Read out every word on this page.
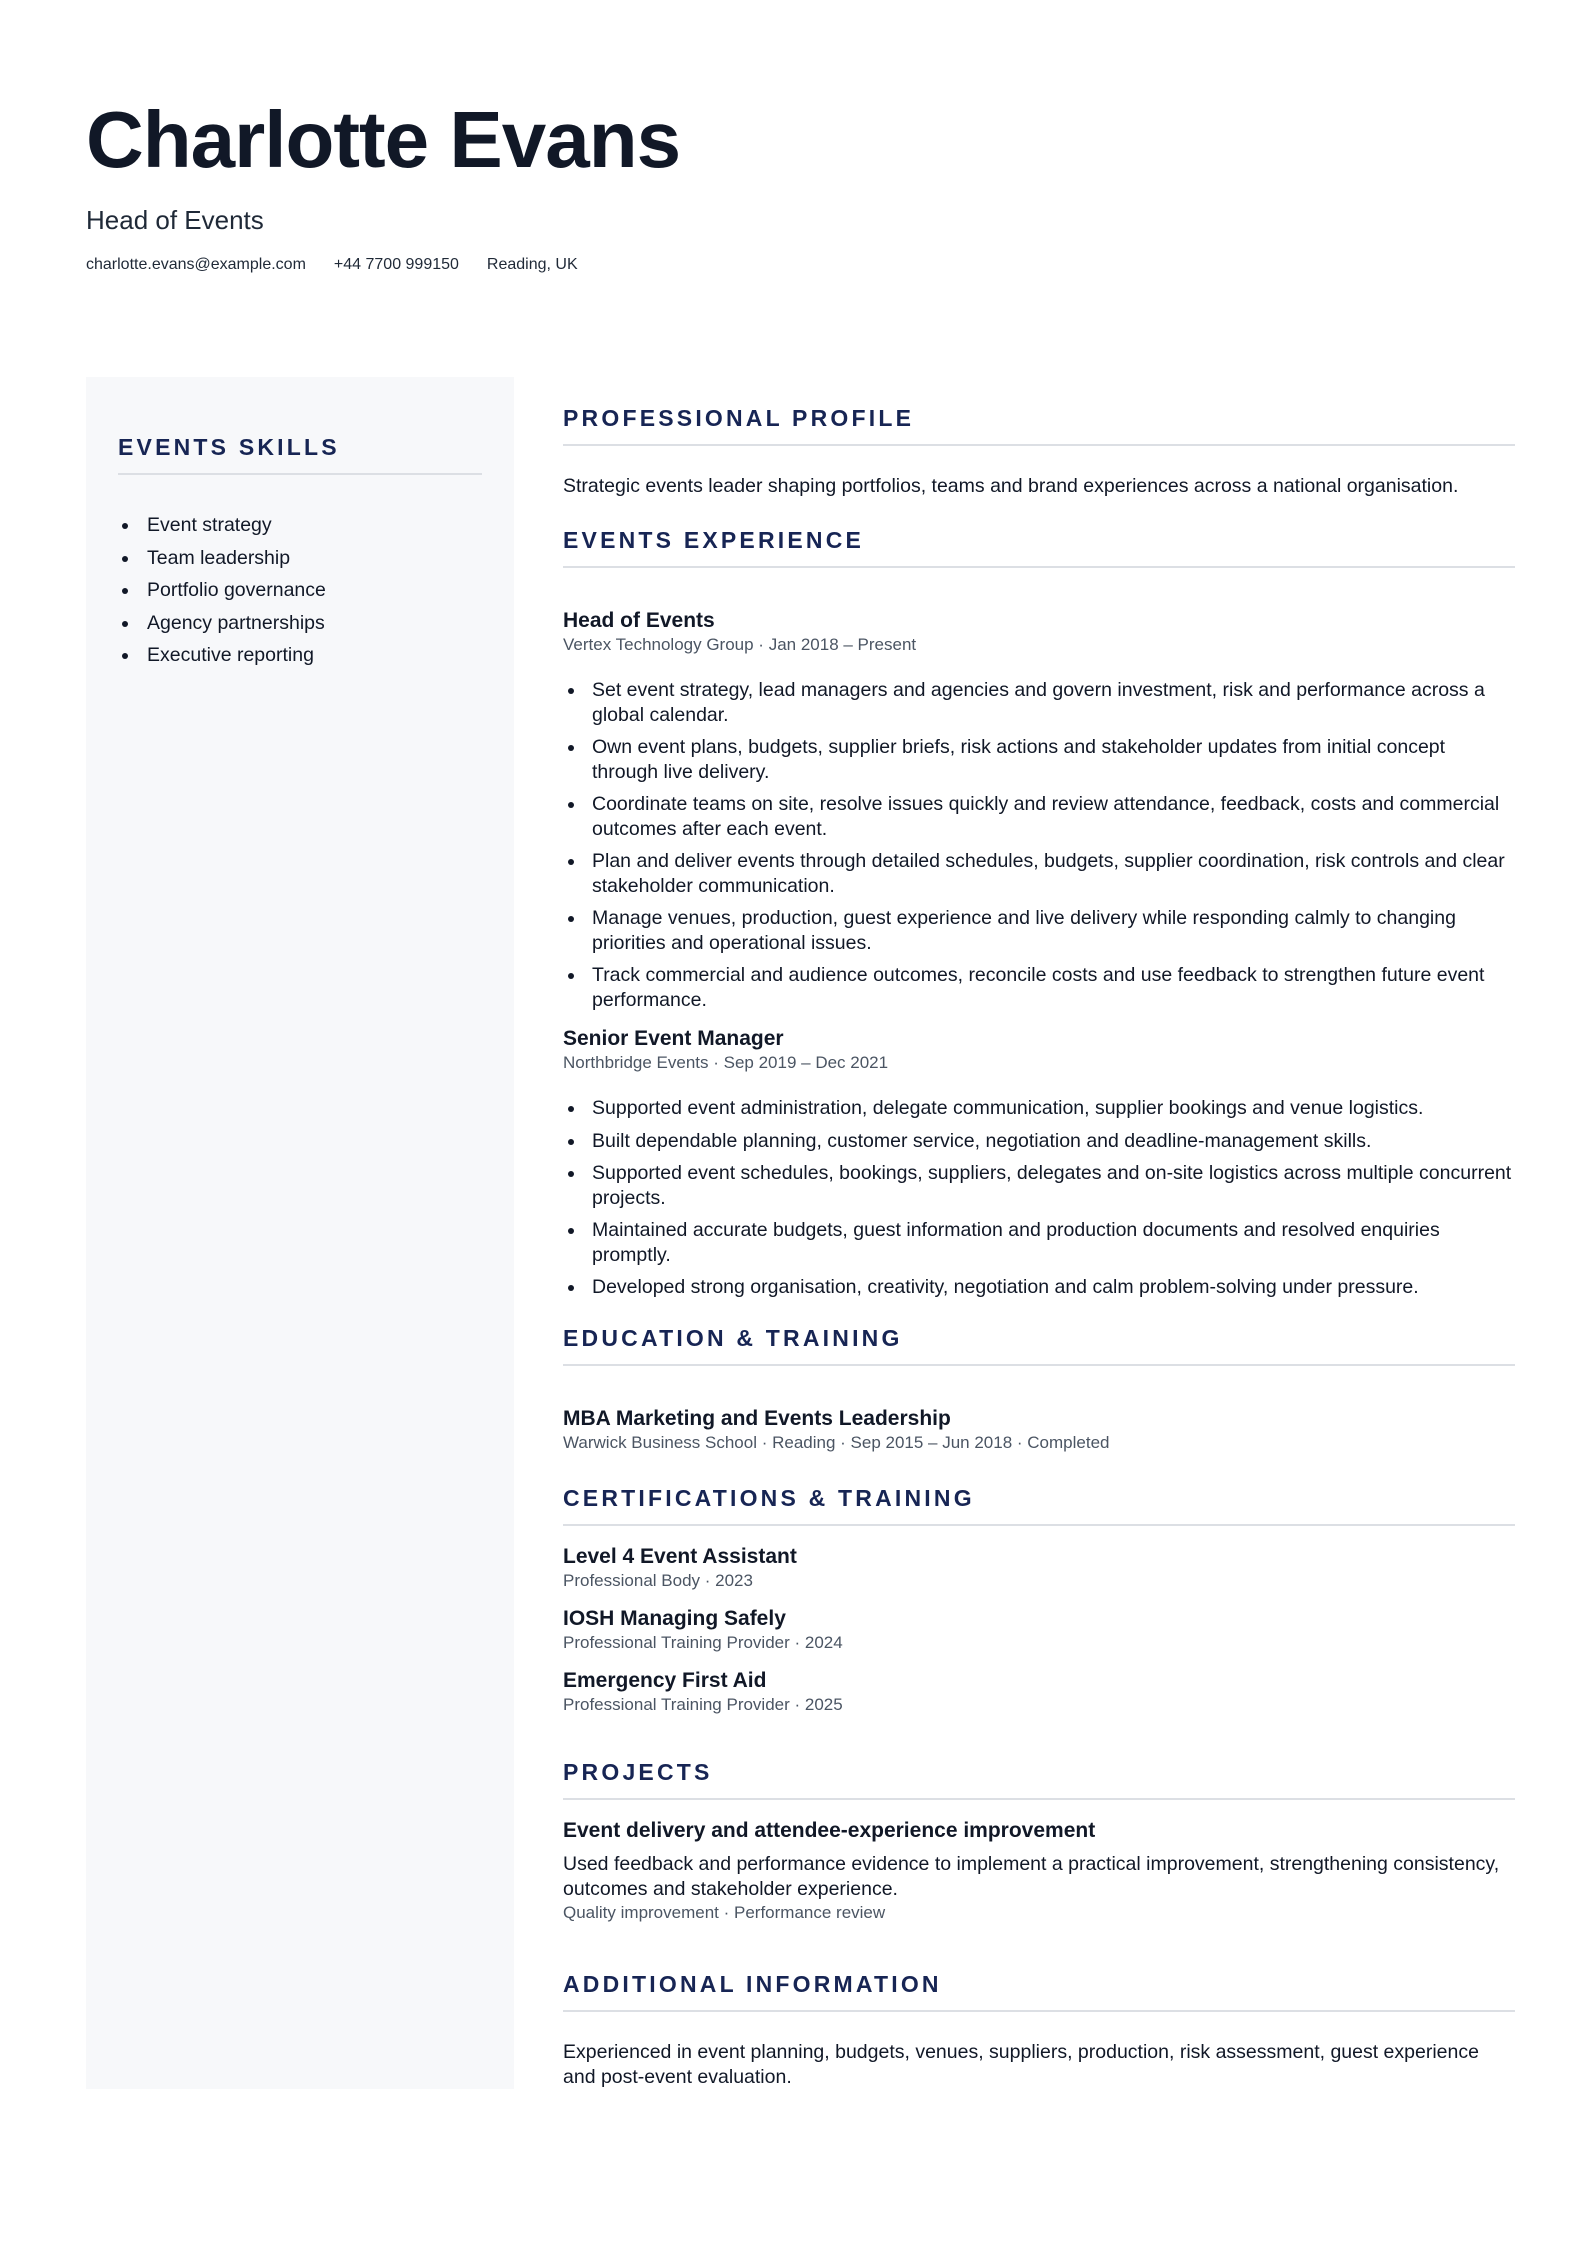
Charlotte Evans
Head of Events
charlotte.evans@example.com +44 7700 999150 Reading, UK
EVENTS SKILLS
Event strategy
Team leadership
Portfolio governance
Agency partnerships
Executive reporting
PROFESSIONAL PROFILE

Strategic events leader shaping portfolios, teams and brand experiences across a national organisation.

EVENTS EXPERIENCE

Head of Events

Vertex Technology Group · Jan 2018 – Present

Set event strategy, lead managers and agencies and govern investment, risk and performance across a global calendar.
Own event plans, budgets, supplier briefs, risk actions and stakeholder updates from initial concept through live delivery.
Coordinate teams on site, resolve issues quickly and review attendance, feedback, costs and commercial outcomes after each event.
Plan and deliver events through detailed schedules, budgets, supplier coordination, risk controls and clear stakeholder communication.
Manage venues, production, guest experience and live delivery while responding calmly to changing priorities and operational issues.
Track commercial and audience outcomes, reconcile costs and use feedback to strengthen future event performance.

Senior Event Manager

Northbridge Events · Sep 2019 – Dec 2021

Supported event administration, delegate communication, supplier bookings and venue logistics.
Built dependable planning, customer service, negotiation and deadline-management skills.
Supported event schedules, bookings, suppliers, delegates and on-site logistics across multiple concurrent projects.
Maintained accurate budgets, guest information and production documents and resolved enquiries promptly.
Developed strong organisation, creativity, negotiation and calm problem-solving under pressure.
EDUCATION & TRAINING

MBA Marketing and Events Leadership

Warwick Business School · Reading · Sep 2015 – Jun 2018 · Completed

CERTIFICATIONS & TRAINING

Level 4 Event Assistant

Professional Body · 2023

IOSH Managing Safely

Professional Training Provider · 2024

Emergency First Aid

Professional Training Provider · 2025

PROJECTS

Event delivery and attendee-experience improvement

Used feedback and performance evidence to implement a practical improvement, strengthening consistency, outcomes and stakeholder experience.

Quality improvement · Performance review

ADDITIONAL INFORMATION

Experienced in event planning, budgets, venues, suppliers, production, risk assessment, guest experience and post-event evaluation.
